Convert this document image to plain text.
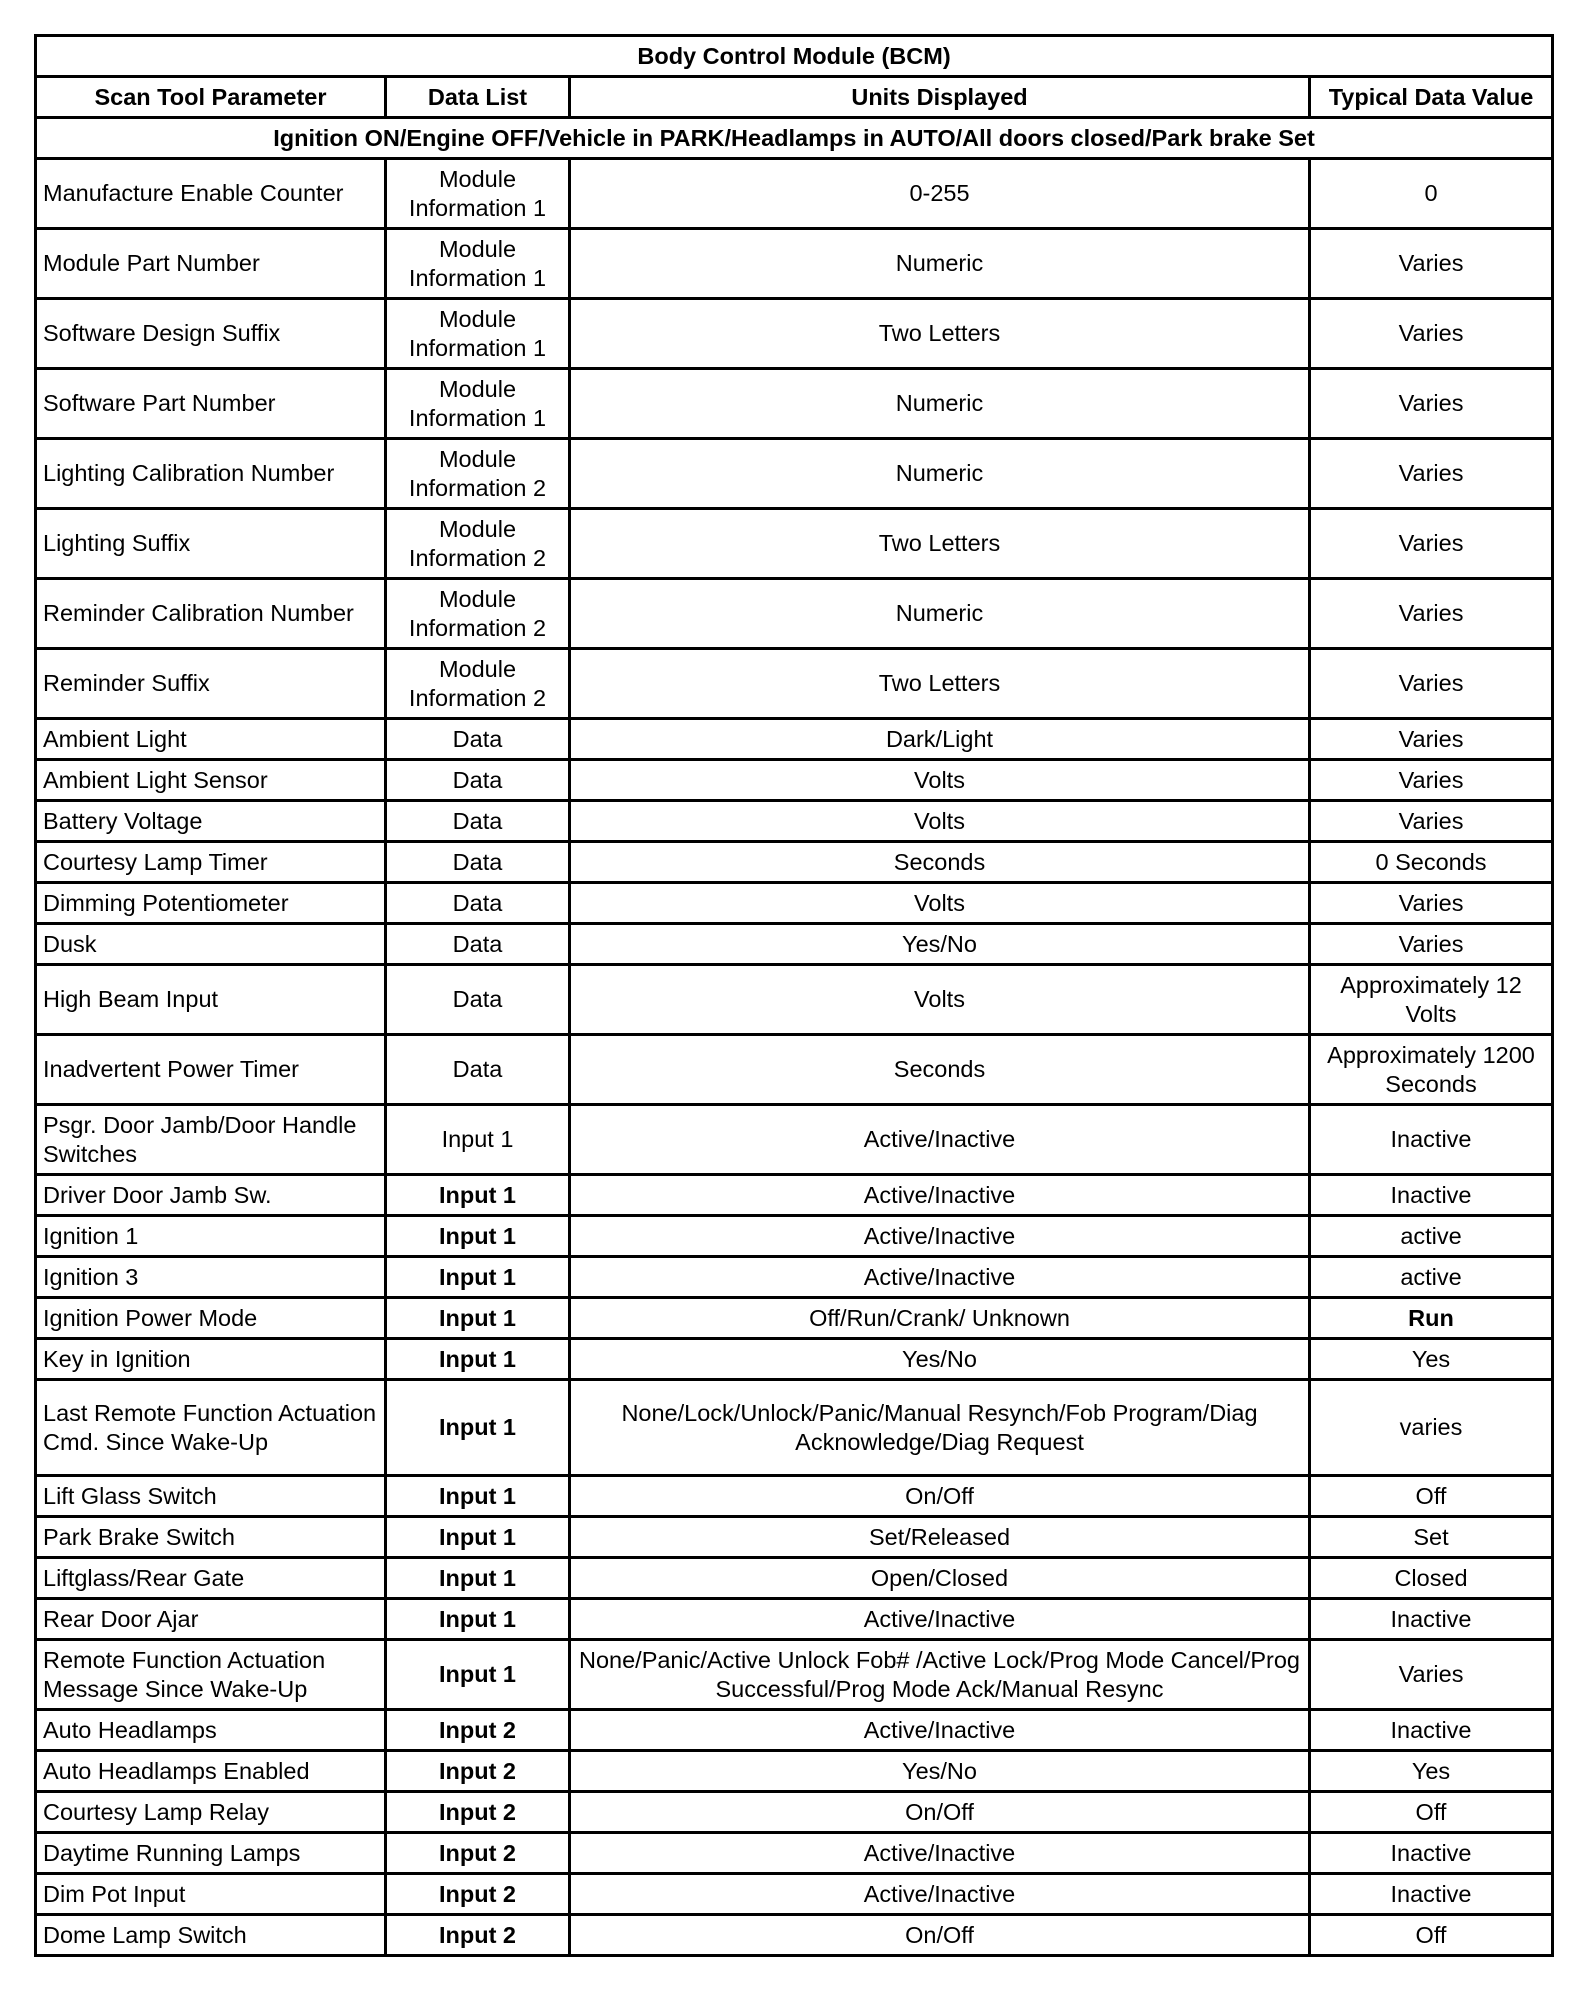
Body Control Module (BCM)			
Scan Tool Parameter	Data List	Units Displayed	Typical Data Value
Ignition ON/Engine OFF/Vehicle in PARK/Headlamps in AUTO/All doors closed/Park brake Set			
Manufacture Enable Counter	Module Information 1	0-255	0
Module Part Number	Module Information 1	Numeric	Varies
Software Design Suffix	Module Information 1	Two Letters	Varies
Software Part Number	Module Information 1	Numeric	Varies
Lighting Calibration Number	Module Information 2	Numeric	Varies
Lighting Suffix	Module Information 2	Two Letters	Varies
Reminder Calibration Number	Module Information 2	Numeric	Varies
Reminder Suffix	Module Information 2	Two Letters	Varies
Ambient Light	Data	Dark/Light	Varies
Ambient Light Sensor	Data	Volts	Varies
Battery Voltage	Data	Volts	Varies
Courtesy Lamp Timer	Data	Seconds	0 Seconds
Dimming Potentiometer	Data	Volts	Varies
Dusk	Data	Yes/No	Varies
High Beam Input	Data	Volts	Approximately 12 Volts
Inadvertent Power Timer	Data	Seconds	Approximately 1200 Seconds
Psgr. Door Jamb/Door Handle Switches	Input 1	Active/Inactive	Inactive
Driver Door Jamb Sw.	Input 1	Active/Inactive	Inactive
Ignition 1	Input 1	Active/Inactive	active
Ignition 3	Input 1	Active/Inactive	active
Ignition Power Mode	Input 1	Off/Run/Crank/ Unknown	Run
Key in Ignition	Input 1	Yes/No	Yes
Last Remote Function Actuation Cmd. Since Wake-Up	Input 1	None/Lock/Unlock/Panic/Manual Resynch/Fob Program/Diag Acknowledge/Diag Request	varies
Lift Glass Switch	Input 1	On/Off	Off
Park Brake Switch	Input 1	Set/Released	Set
Liftglass/Rear Gate	Input 1	Open/Closed	Closed
Rear Door Ajar	Input 1	Active/Inactive	Inactive
Remote Function Actuation Message Since Wake-Up	Input 1	None/Panic/Active Unlock Fob# /Active Lock/Prog Mode Cancel/Prog Successful/Prog Mode Ack/Manual Resync	Varies
Auto Headlamps	Input 2	Active/Inactive	Inactive
Auto Headlamps Enabled	Input 2	Yes/No	Yes
Courtesy Lamp Relay	Input 2	On/Off	Off
Daytime Running Lamps	Input 2	Active/Inactive	Inactive
Dim Pot Input	Input 2	Active/Inactive	Inactive
Dome Lamp Switch	Input 2	On/Off	Off
